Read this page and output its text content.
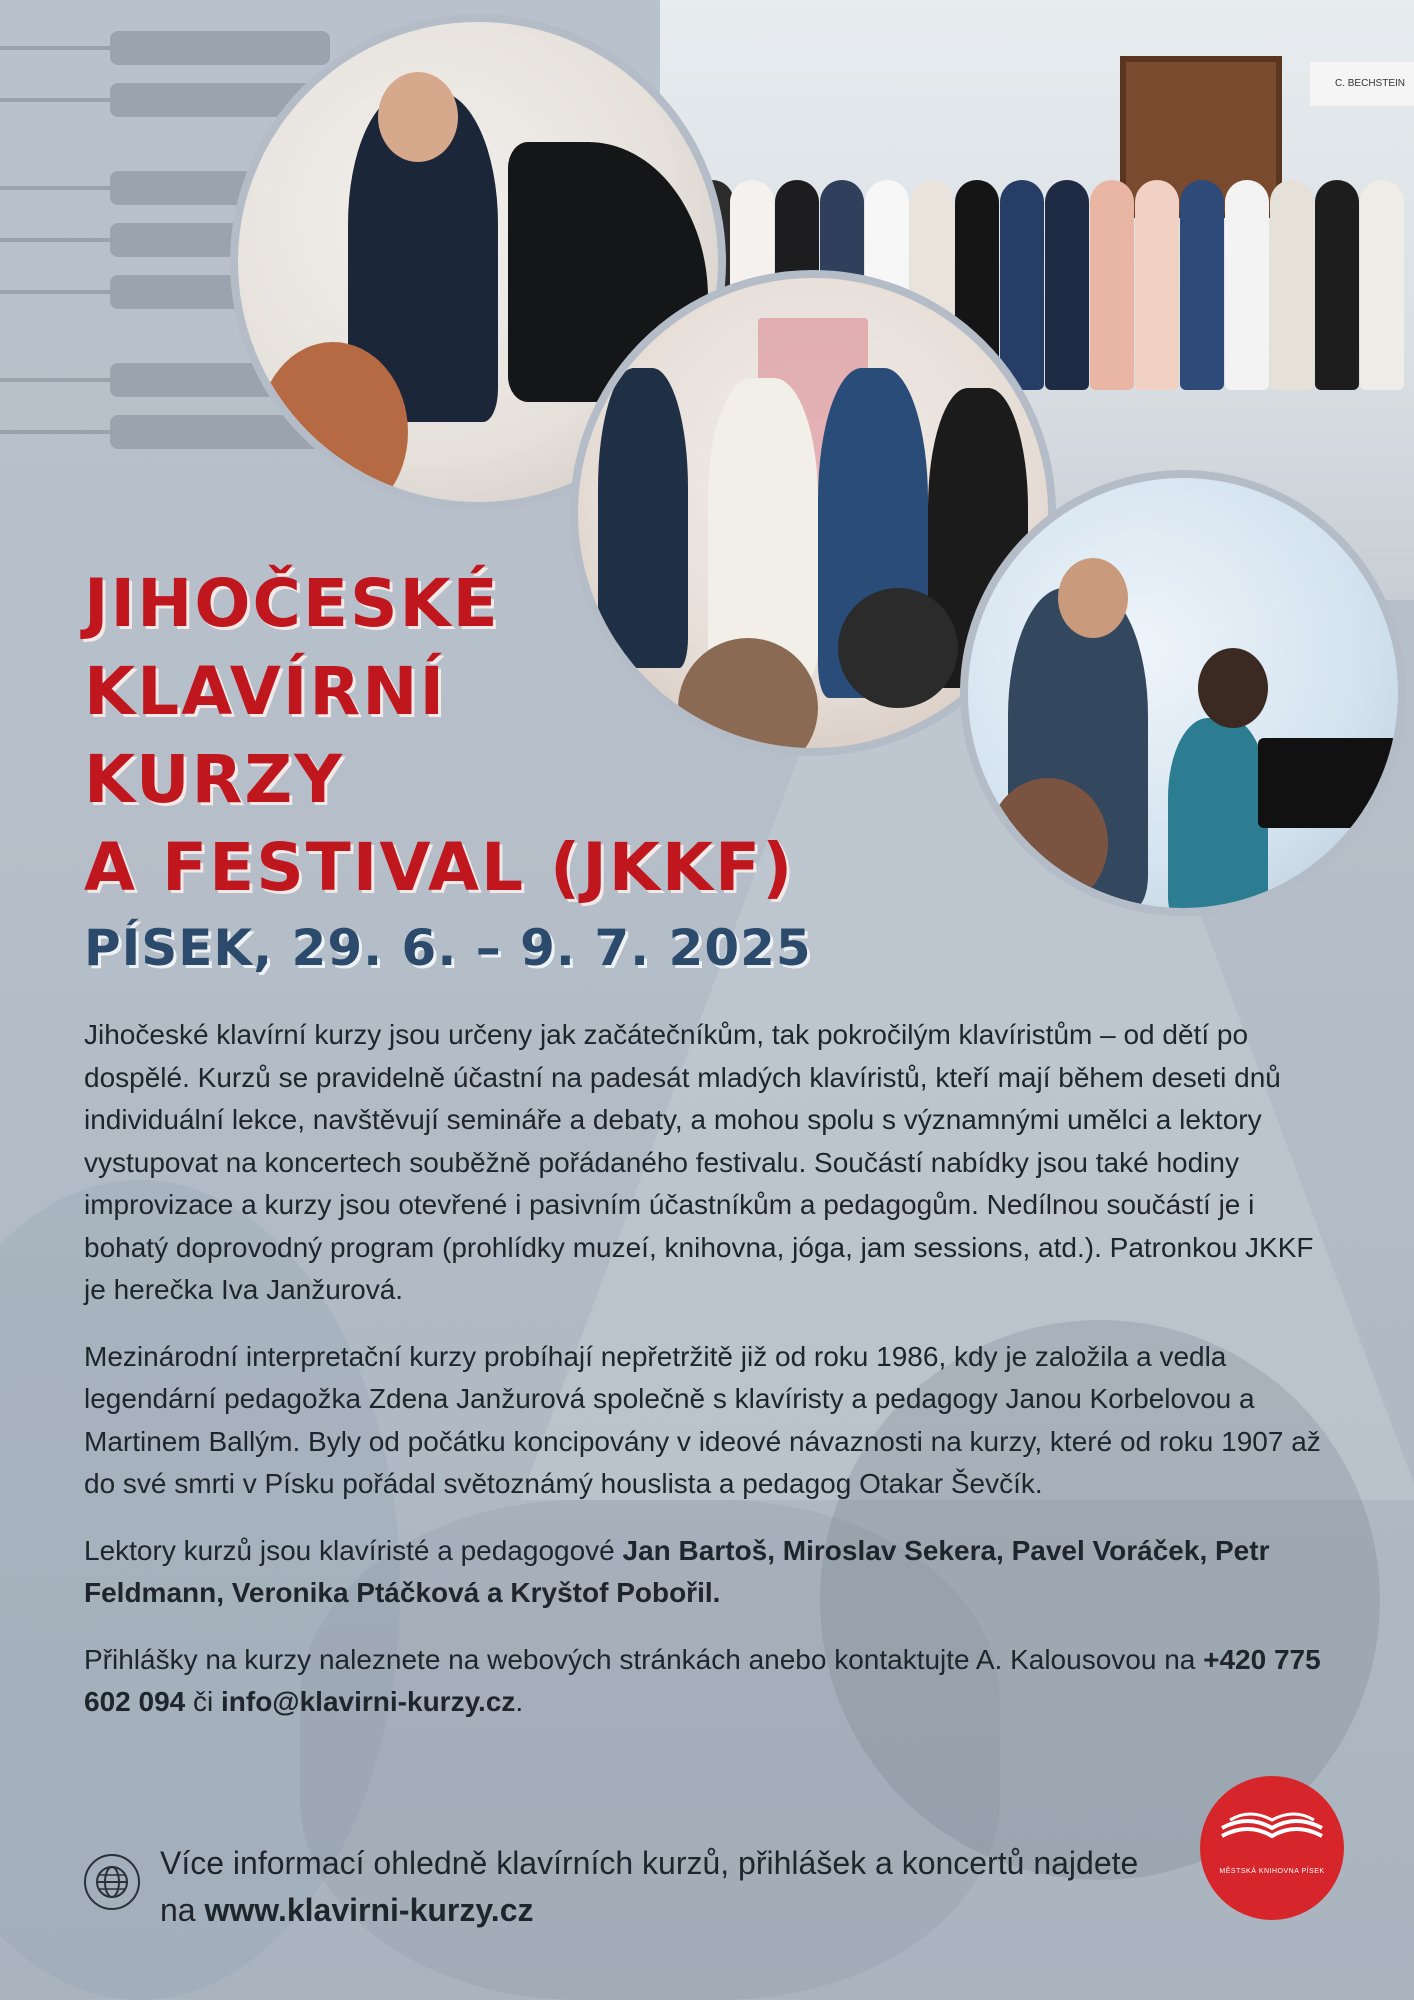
C. BECHSTEIN
JIHOČESKÉ
KLAVÍRNÍ
KURZY
A FESTIVAL (JKKF)
PÍSEK, 29. 6. – 9. 7. 2025

Jihočeské klavírní kurzy jsou určeny jak začátečníkům, tak pokročilým klavíristům – od dětí po dospělé. Kurzů se pravidelně účastní na padesát mladých klavíristů, kteří mají během deseti dnů individuální lekce, navštěvují semináře a debaty, a mohou spolu s významnými umělci a lektory vystupovat na koncertech souběžně pořádaného festivalu. Součástí nabídky jsou také hodiny improvizace a kurzy jsou otevřené i pasivním účastníkům a pedagogům. Nedílnou součástí je i bohatý doprovodný program (prohlídky muzeí, knihovna, jóga, jam sessions, atd.). Patronkou JKKF je herečka Iva Janžurová.

Mezinárodní interpretační kurzy probíhají nepřetržitě již od roku 1986, kdy je založila a vedla legendární pedagožka Zdena Janžurová společně s klavíristy a pedagogy Janou Korbelovou a Martinem Ballým. Byly od počátku koncipovány v ideové návaznosti na kurzy, které od roku 1907 až do své smrti v Písku pořádal světoznámý houslista a pedagog Otakar Ševčík.

Lektory kurzů jsou klavíristé a pedagogové Jan Bartoš, Miroslav Sekera, Pavel Voráček, Petr Feldmann, Veronika Ptáčková a Kryštof Pobořil.

Přihlášky na kurzy naleznete na webových stránkách anebo kontaktujte A. Kalousovou na +420 775 602 094 či info@klavirni-kurzy.cz.

Více informací ohledně klavírních kurzů, přihlášek a koncertů najdete na www.klavirni-kurzy.cz
MĚSTSKÁ KNIHOVNA PÍSEK
